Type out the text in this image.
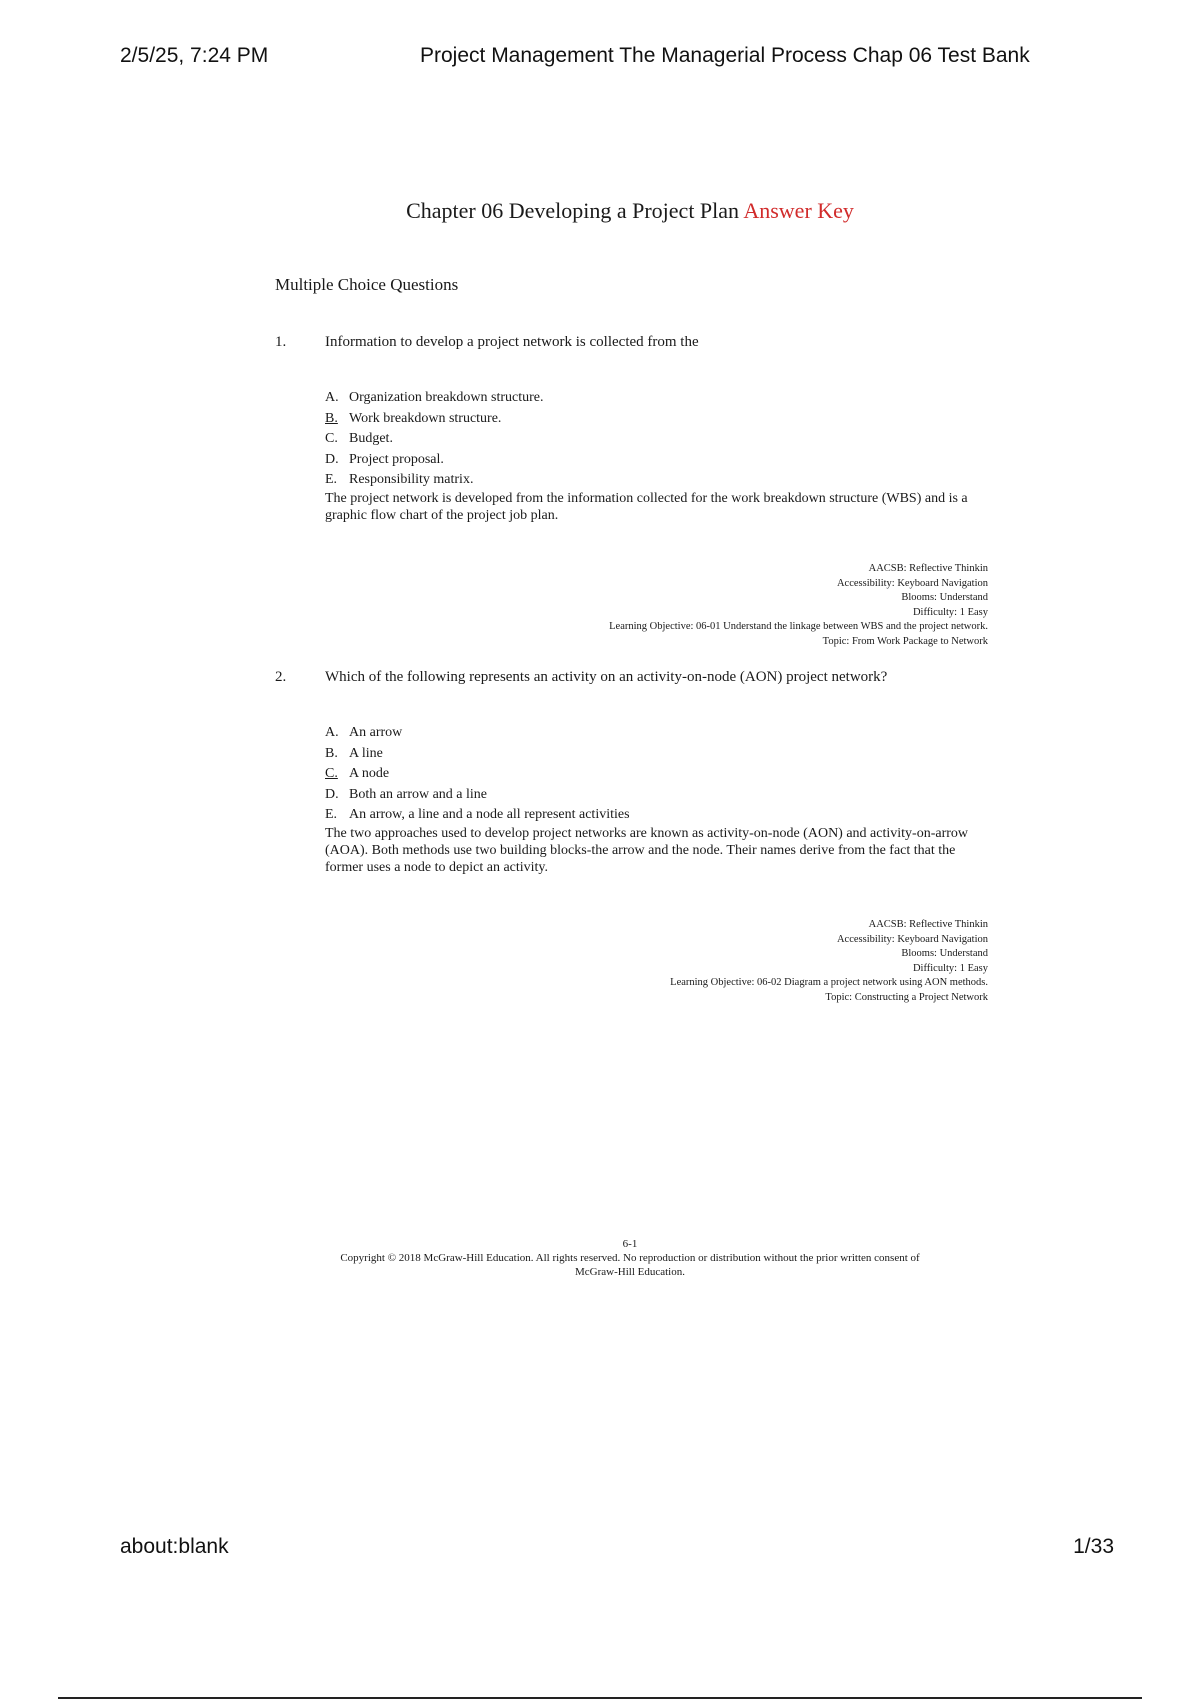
2/5/25, 7:24 PM	Project Management The Managerial Process Chap 06 Test Bank
Chapter 06 Developing a Project Plan Answer Key
Multiple Choice Questions
1.	Information to develop a project network is collected from the
A. Organization breakdown structure.
B. Work breakdown structure.
C. Budget.
D. Project proposal.
E. Responsibility matrix.
The project network is developed from the information collected for the work breakdown structure (WBS) and is a graphic flow chart of the project job plan.
AACSB: Reflective Thinkin
Accessibility: Keyboard Navigation
Blooms: Understand
Difficulty: 1 Easy
Learning Objective: 06-01 Understand the linkage between WBS and the project network.
Topic: From Work Package to Network
2.	Which of the following represents an activity on an activity-on-node (AON) project network?
A. An arrow
B. A line
C. A node
D. Both an arrow and a line
E. An arrow, a line and a node all represent activities
The two approaches used to develop project networks are known as activity-on-node (AON) and activity-on-arrow (AOA). Both methods use two building blocks-the arrow and the node. Their names derive from the fact that the former uses a node to depict an activity.
AACSB: Reflective Thinkin
Accessibility: Keyboard Navigation
Blooms: Understand
Difficulty: 1 Easy
Learning Objective: 06-02 Diagram a project network using AON methods.
Topic: Constructing a Project Network
6-1
Copyright © 2018 McGraw-Hill Education. All rights reserved. No reproduction or distribution without the prior written consent of
McGraw-Hill Education.
about:blank	1/33
